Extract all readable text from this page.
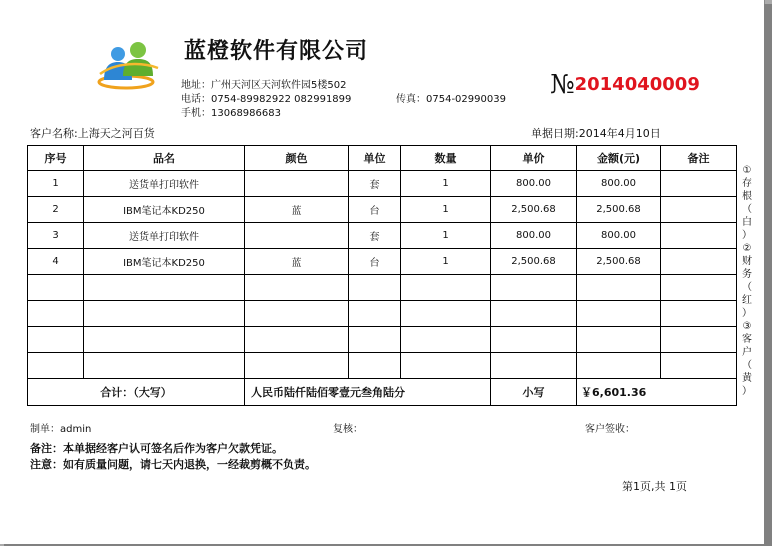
蓝橙软件有限公司
地址：广州天河区天河软件园5楼502
电话：0754-89982922 082991899	传真：0754-02990039
手机：13068986683
№2014040009
客户名称:上海天之河百货	单据日期:2014年4月10日
序号	品名	颜色	单位	数量	单价	金额(元)	备注
1	送货单打印软件		套	1	800.00	800.00	
2	IBM笔记本KD250	蓝	台	1	2,500.68	2,500.68	
3	送货单打印软件		套	1	800.00	800.00	
4	IBM笔记本KD250	蓝	台	1	2,500.68	2,500.68	

合计：（大写）		人民币陆仟陆佰零壹元叁角陆分			小写	￥6,601.36	
①
存
根
（
白
）
②
财
务
（
红
）
③
客
户
（
黄
）
制单：admin	复核：	客户签收：
备注：本单据经客户认可签名后作为客户欠款凭证。
注意：如有质量问题，请七天内退换，一经裁剪概不负责。
第1页,共 1页
